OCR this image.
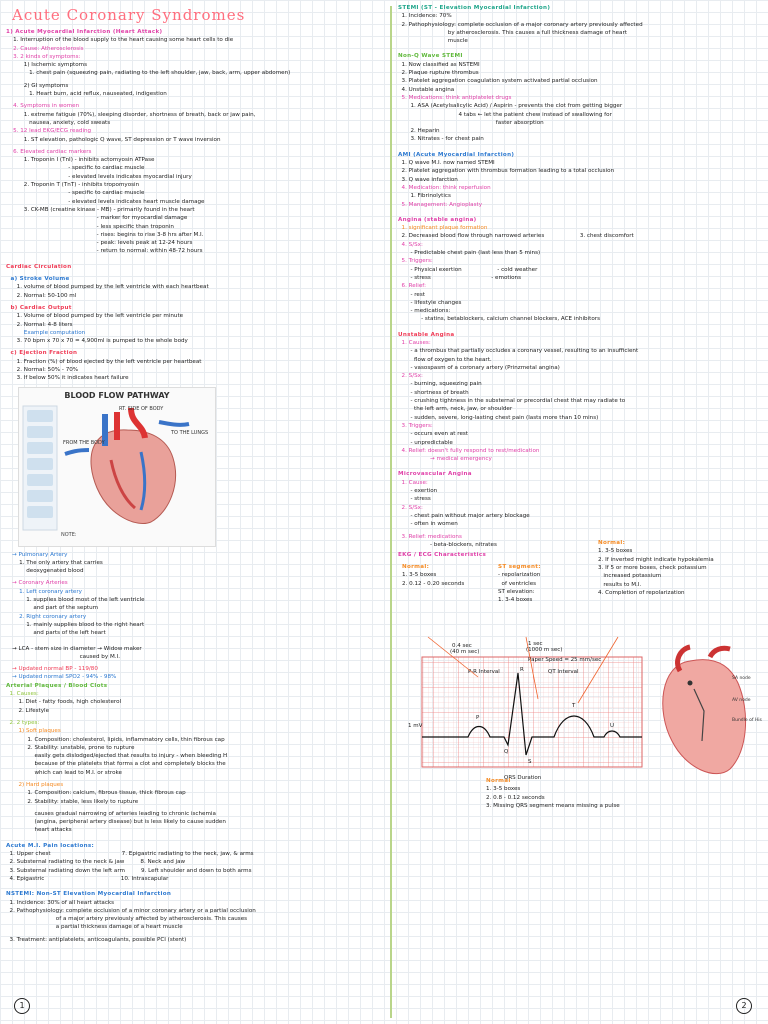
Acute Coronary Syndromes
1) Acute Myocardial Infarction (Heart Attack)
1. Interruption of the blood supply to the heart causing some heart cells to die
2. Cause: Atherosclerosis
3. 2 kinds of symptoms:
1) Ischemic symptoms
1. chest pain (squeezing pain, radiating to the left shoulder, jaw, back, arm, upper abdomen)
2) GI symptoms
1. Heart burn, acid reflux, nauseated, indigestion
4. Symptoms in women
1. extreme fatigue (70%), sleeping disorder, shortness of breath, back or jaw pain,
nausea, anxiety, cold sweats
5. 12 lead EKG/ECG reading
1. ST elevation, pathologic Q wave, ST depression or T wave inversion
6. Elevated cardiac markers
1. Troponin I (TnI) - inhibits actomyosin ATPase
- specific to cardiac muscle
- elevated levels indicates myocardial injury
2. Troponin T (TnT) - inhibits tropomyosin
- specific to cardiac muscle
- elevated levels indicates heart muscle damage
3. CK-MB (creatine kinase - MB) - primarily found in the heart
- marker for myocardial damage
- less specific than troponin
- rises: begins to rise 3-8 hrs after M.I.
- peak: levels peak at 12-24 hours
- return to normal: within 48-72 hours
Cardiac Circulation
a) Stroke Volume
1. volume of blood pumped by the left ventricle with each heartbeat
2. Normal: 50-100 ml
b) Cardiac Output
1. Volume of blood pumped by the left ventricle per minute
2. Normal: 4-8 liters
Example computation
3. 70 bpm x 70 x 70 = 4,900ml is pumped to the whole body
c) Ejection Fraction
1. Fraction (%) of blood ejected by the left ventricle per heartbeat
2. Normal: 50% - 70%
3. If below 50% it indicates heart failure
BLOOD FLOW PATHWAY
RT. SIDE OF BODY
TO THE LUNGS
FROM THE BODY
NOTE:
→ Pulmonary Artery
1. The only artery that carries
deoxygenated blood
→ Coronary Arteries
1. Left coronary artery
1. supplies blood most of the left ventricle
and part of the septum
2. Right coronary artery
1. mainly supplies blood to the right heart
and parts of the left heart
→ LCA - stem size in diameter → Widow maker
caused by M.I.
→ Updated normal BP - 119/80
→ Updated normal SPO2 - 94% - 98%
Arterial Plaques / Blood Clots
1. Causes:
1. Diet - fatty foods, high cholesterol
2. Lifestyle
2. 2 types:
1) Soft plaques
1. Composition: cholesterol, lipids, inflammatory cells, thin fibrous cap
2. Stability: unstable, prone to rupture
easily gets dislodged/ejected that results to injury - when bleeding H
because of the platelets that forms a clot and completely blocks the
which can lead to M.I. or stroke
2) Hard plaques
1. Composition: calcium, fibrous tissue, thick fibrous cap
2. Stability: stable, less likely to rupture
causes gradual narrowing of arteries leading to chronic ischemia
(angina, peripheral artery disease) but is less likely to cause sudden
heart attacks
Acute M.I. Pain locations:
1. Upper chest                                        7. Epigastric radiating to the neck, jaw, & arms
2. Substernal radiating to the neck & jaw         8. Neck and jaw
3. Substernal radiating down the left arm         9. Left shoulder and down to both arms
4. Epigastric                                           10. Intrascapular
NSTEMI: Non-ST Elevation Myocardial Infarction
1. Incidence: 30% of all heart attacks
2. Pathophysiology: complete occlusion of a minor coronary artery or a partial occlusion
of a major artery previously affected by atherosclerosis. This causes
a partial thickness damage of a heart muscle
3. Treatment: antiplatelets, anticoagulants, possible PCI (stent)
1
STEMI (ST - Elevation Myocardial Infarction)
1. Incidence: 70%
2. Pathophysiology: complete occlusion of a major coronary artery previously affected
by atherosclerosis. This causes a full thickness damage of heart
muscle
Non-Q Wave STEMI
1. Now classified as NSTEMI
2. Plaque rupture thrombus
3. Platelet aggregation coagulation system activated partial occlusion
4. Unstable angina
5. Medications: think antiplatelet drugs
1. ASA (Acetylsalicylic Acid) / Aspirin - prevents the clot from getting bigger
4 tabs ← let the patient chew instead of swallowing for
faster absorption
2. Heparin
3. Nitrates - for chest pain
AMI (Acute Myocardial Infarction)
1. Q wave M.I. now named STEMI
2. Platelet aggregation with thrombus formation leading to a total occlusion
3. Q wave infarction
4. Medication: think reperfusion
1. Fibrinolytics
5. Management: Angioplasty
Angina (stable angina)
1. significant plaque formation
2. Decreased blood flow through narrowed arteries                    3. chest discomfort
4. S/Sx:
- Predictable chest pain (last less than 5 mins)
5. Triggers:
- Physical exertion                    - cold weather
- stress                                  - emotions
6. Relief:
- rest
- lifestyle changes
- medications:
- statins, betablockers, calcium channel blockers, ACE inhibitors
Unstable Angina
1. Causes:
- a thrombus that partially occludes a coronary vessel, resulting to an insufficient
flow of oxygen to the heart.
- vasospasm of a coronary artery (Prinzmetal angina)
2. S/Sx:
- burning, squeezing pain
- shortness of breath
- crushing tightness in the substernal or precordial chest that may radiate to
the left arm, neck, jaw, or shoulder
- sudden, severe, long-lasting chest pain (lasts more than 10 mins)
3. Triggers:
- occurs even at rest
- unpredictable
4. Relief: doesn't fully respond to rest/medication
→ medical emergency
Microvascular Angina
1. Cause:
- exertion
- stress
2. S/Sx:
- chest pain without major artery blockage
- often in women
3. Relief: medications
- beta-blockers, nitrates
EKG / ECG Characteristics
Normal:
1. 3-5 boxes
2. 0.12 - 0.20 seconds
ST segment:
- repolarization
of ventricles
ST elevation:
1. 3-4 boxes
Normal:
1. 3-5 boxes
2. If inverted might indicate hypokalemia
3. If 5 or more boxes, check potassium
increased potassium
results to M.I.
4. Completion of repolarization
1 sec
(1000 m sec)
0.4 sec
(40 m sec)
Paper Speed = 25 mm/sec
P-R Interval	QT Interval
P
R
T
U
Q
S
QRS Duration
1 mV
SA node
AV node
Bundle of His
Normal
1. 3-5 boxes
2. 0.8 - 0.12 seconds
3. Missing QRS segment means missing a pulse
2
